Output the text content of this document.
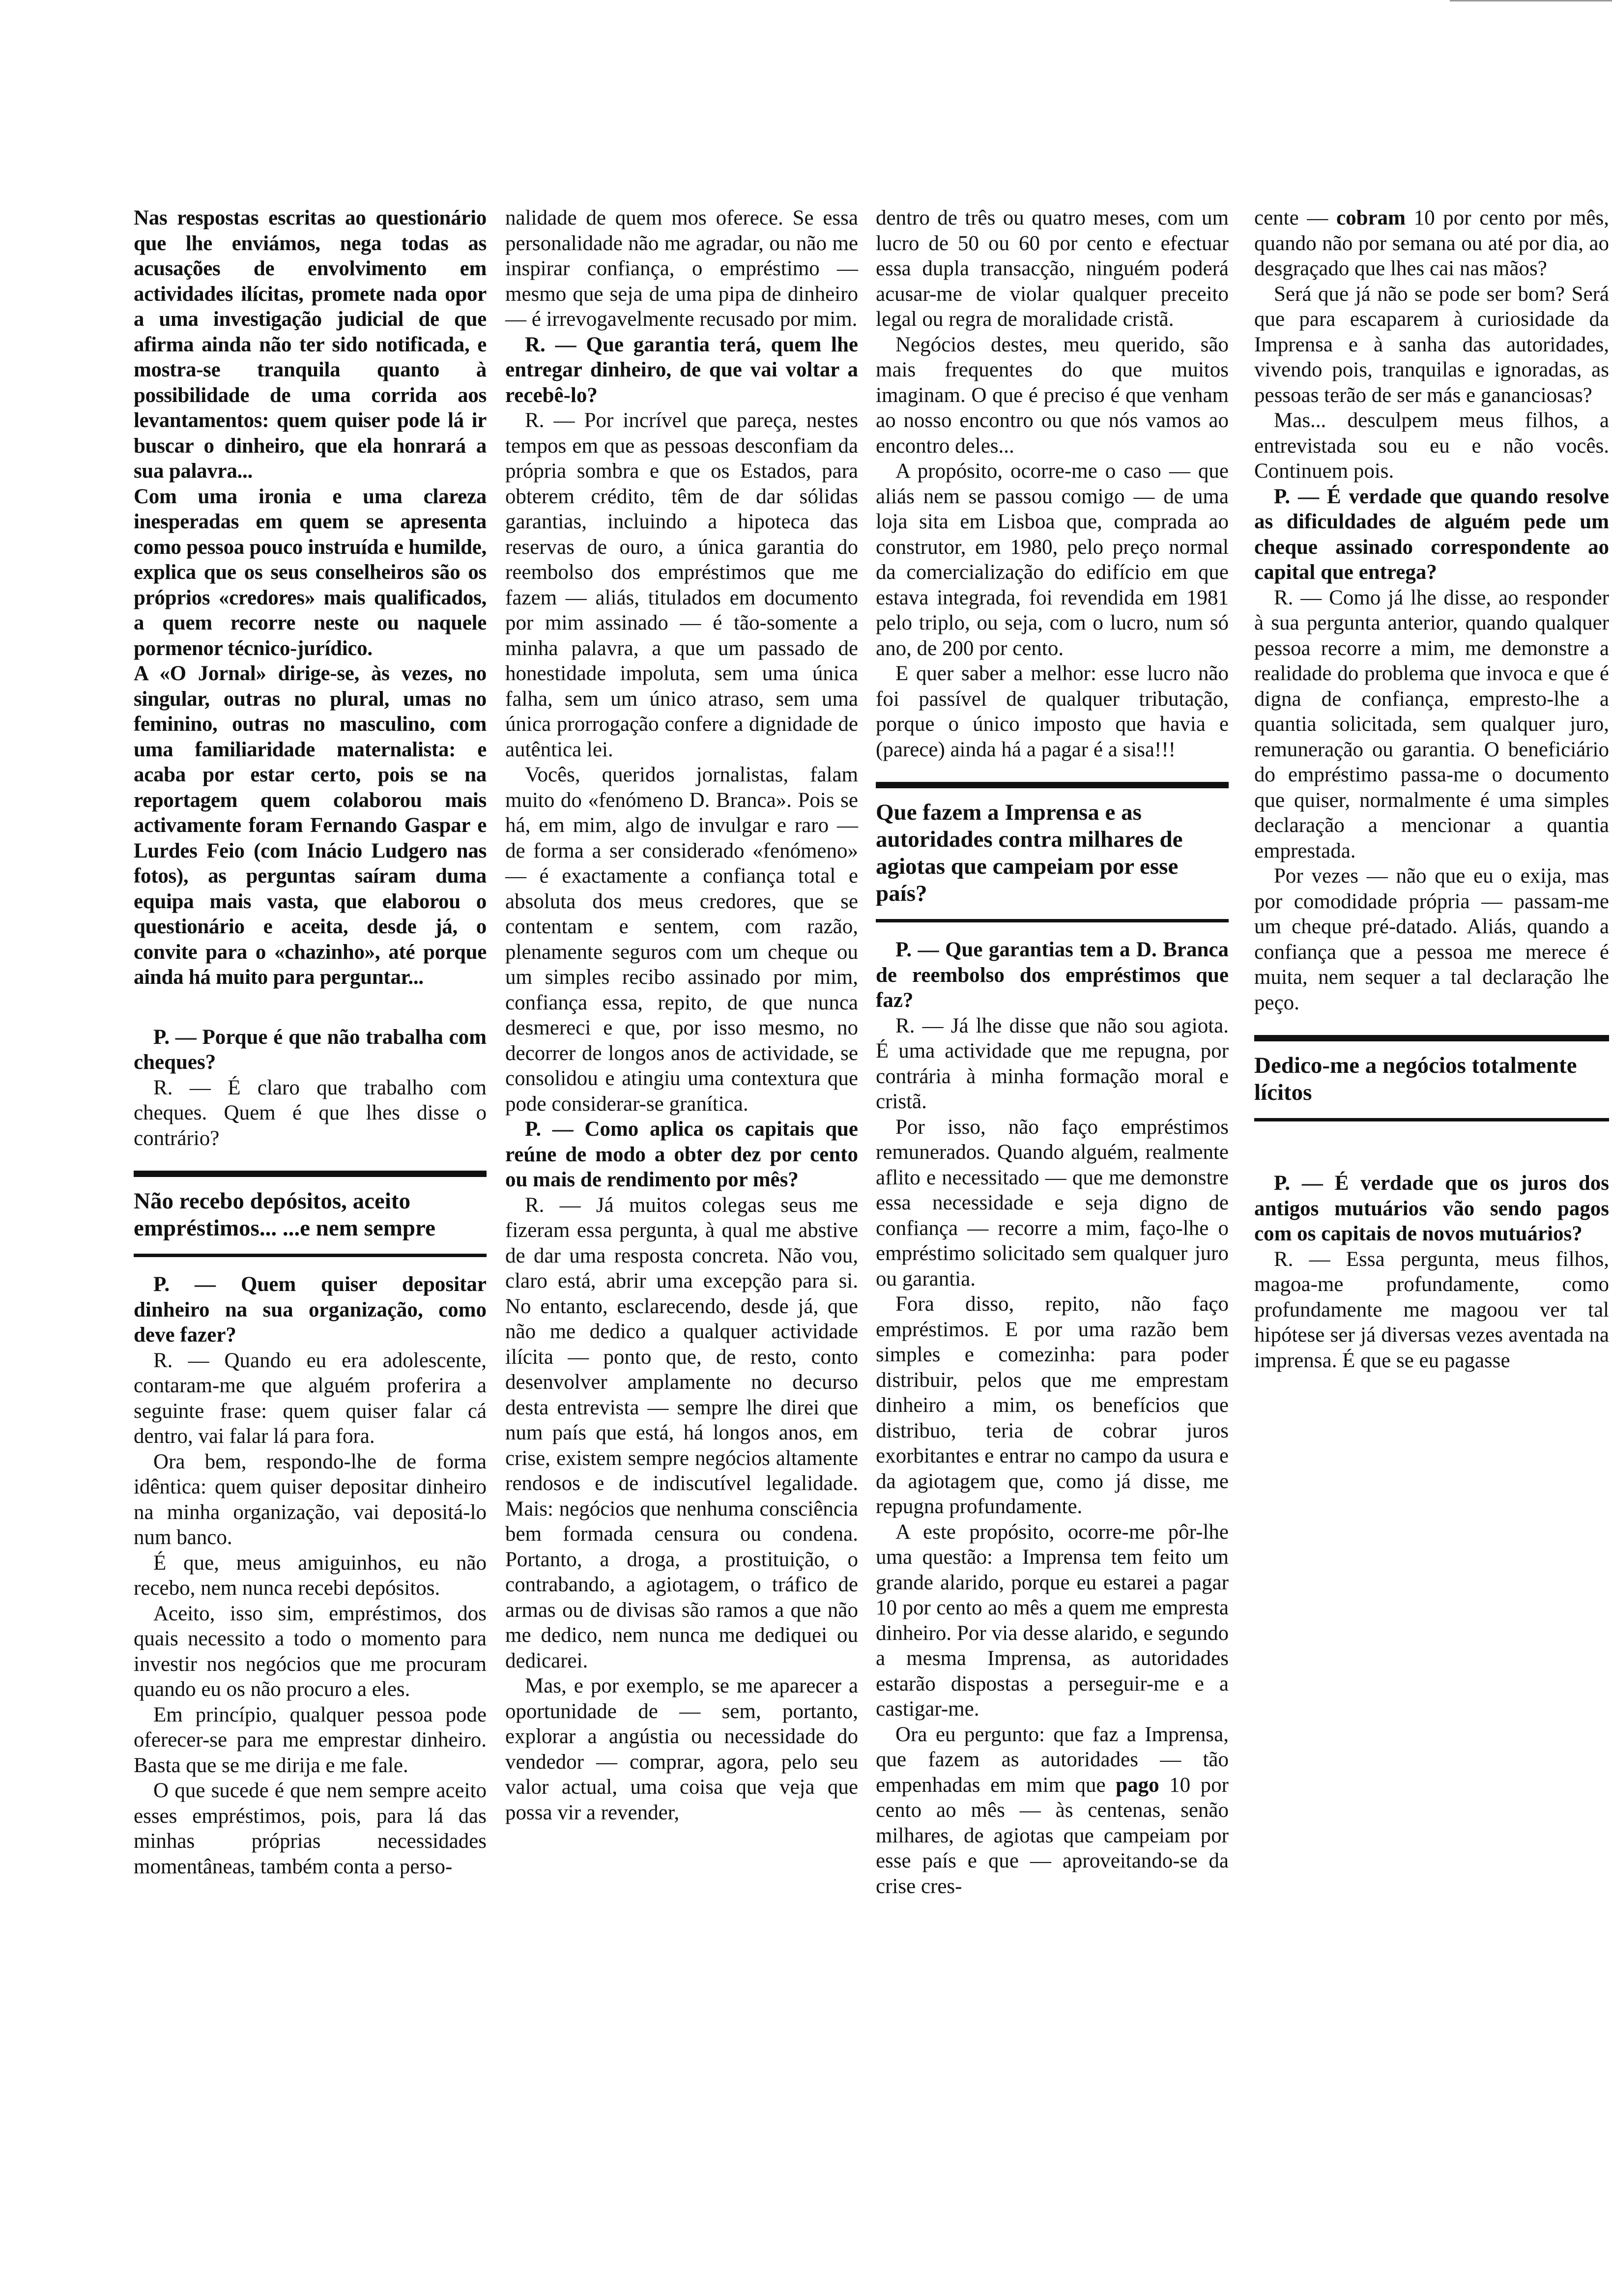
Nas respostas escritas ao questionário que lhe enviámos, nega todas as acusações de envolvimento em actividades ilícitas, promete nada opor a uma investigação judicial de que afirma ainda não ter sido notificada, e mostra-se tranquila quanto à possibilidade de uma corrida aos levantamentos: quem quiser pode lá ir buscar o dinheiro, que ela honrará a sua palavra...

Com uma ironia e uma clareza inesperadas em quem se apresenta como pessoa pouco instruída e humilde, explica que os seus conselheiros são os próprios «credores» mais qualificados, a quem recorre neste ou naquele pormenor técnico-jurídico.

A «O Jornal» dirige-se, às vezes, no singular, outras no plural, umas no feminino, outras no masculino, com uma familiaridade maternalista: e acaba por estar certo, pois se na reportagem quem colaborou mais activamente foram Fernando Gaspar e Lurdes Feio (com Inácio Ludgero nas fotos), as perguntas saíram duma equipa mais vasta, que elaborou o questionário e aceita, desde já, o convite para o «chazinho», até porque ainda há muito para perguntar...

P. — Porque é que não trabalha com cheques?

R. — É claro que trabalho com cheques. Quem é que lhes disse o contrário?

Não recebo depósitos, aceito empréstimos... ...e nem sempre

P. — Quem quiser depositar dinheiro na sua organização, como deve fazer?

R. — Quando eu era adolescente, contaram-me que alguém proferira a seguinte frase: quem quiser falar cá dentro, vai falar lá para fora.

Ora bem, respondo-lhe de forma idêntica: quem quiser depositar dinheiro na minha organização, vai depositá-lo num banco.

É que, meus amiguinhos, eu não recebo, nem nunca recebi depósitos.

Aceito, isso sim, empréstimos, dos quais necessito a todo o momento para investir nos negócios que me procuram quando eu os não procuro a eles.

Em princípio, qualquer pessoa pode oferecer-se para me emprestar dinheiro. Basta que se me dirija e me fale.

O que sucede é que nem sempre aceito esses empréstimos, pois, para lá das minhas próprias necessidades momentâneas, também conta a perso-

nalidade de quem mos oferece. Se essa personalidade não me agradar, ou não me inspirar confiança, o empréstimo — mesmo que seja de uma pipa de dinheiro — é irrevogavelmente recusado por mim.

R. — Que garantia terá, quem lhe entregar dinheiro, de que vai voltar a recebê-lo?

R. — Por incrível que pareça, nestes tempos em que as pessoas desconfiam da própria sombra e que os Estados, para obterem crédito, têm de dar sólidas garantias, incluindo a hipoteca das reservas de ouro, a única garantia do reembolso dos empréstimos que me fazem — aliás, titulados em documento por mim assinado — é tão-somente a minha palavra, a que um passado de honestidade impoluta, sem uma única falha, sem um único atraso, sem uma única prorrogação confere a dignidade de autêntica lei.

Vocês, queridos jornalistas, falam muito do «fenómeno D. Branca». Pois se há, em mim, algo de invulgar e raro — de forma a ser considerado «fenómeno» — é exactamente a confiança total e absoluta dos meus credores, que se contentam e sentem, com razão, plenamente seguros com um cheque ou um simples recibo assinado por mim, confiança essa, repito, de que nunca desmereci e que, por isso mesmo, no decorrer de longos anos de actividade, se consolidou e atingiu uma contextura que pode considerar-se granítica.

P. — Como aplica os capitais que reúne de modo a obter dez por cento ou mais de rendimento por mês?

R. — Já muitos colegas seus me fizeram essa pergunta, à qual me abstive de dar uma resposta concreta. Não vou, claro está, abrir uma excepção para si. No entanto, esclarecendo, desde já, que não me dedico a qualquer actividade ilícita — ponto que, de resto, conto desenvolver amplamente no decurso desta entrevista — sempre lhe direi que num país que está, há longos anos, em crise, existem sempre negócios altamente rendosos e de indiscutível legalidade. Mais: negócios que nenhuma consciência bem formada censura ou condena. Portanto, a droga, a prostituição, o contrabando, a agiotagem, o tráfico de armas ou de divisas são ramos a que não me dedico, nem nunca me dediquei ou dedicarei.

Mas, e por exemplo, se me aparecer a oportunidade de — sem, portanto, explorar a angústia ou necessidade do vendedor — comprar, agora, pelo seu valor actual, uma coisa que veja que possa vir a revender,

dentro de três ou quatro meses, com um lucro de 50 ou 60 por cento e efectuar essa dupla transacção, ninguém poderá acusar-me de violar qualquer preceito legal ou regra de moralidade cristã.

Negócios destes, meu querido, são mais frequentes do que muitos imaginam. O que é preciso é que venham ao nosso encontro ou que nós vamos ao encontro deles...

A propósito, ocorre-me o caso — que aliás nem se passou comigo — de uma loja sita em Lisboa que, comprada ao construtor, em 1980, pelo preço normal da comercialização do edifício em que estava integrada, foi revendida em 1981 pelo triplo, ou seja, com o lucro, num só ano, de 200 por cento.

E quer saber a melhor: esse lucro não foi passível de qualquer tributação, porque o único imposto que havia e (parece) ainda há a pagar é a sisa!!!

Que fazem a Imprensa e as autoridades contra milhares de agiotas que campeiam por esse país?

P. — Que garantias tem a D. Branca de reembolso dos empréstimos que faz?

R. — Já lhe disse que não sou agiota. É uma actividade que me repugna, por contrária à minha formação moral e cristã.

Por isso, não faço empréstimos remunerados. Quando alguém, realmente aflito e necessitado — que me demonstre essa necessidade e seja digno de confiança — recorre a mim, faço-lhe o empréstimo solicitado sem qualquer juro ou garantia.

Fora disso, repito, não faço empréstimos. E por uma razão bem simples e comezinha: para poder distribuir, pelos que me emprestam dinheiro a mim, os benefícios que distribuo, teria de cobrar juros exorbitantes e entrar no campo da usura e da agiotagem que, como já disse, me repugna profundamente.

A este propósito, ocorre-me pôr-lhe uma questão: a Imprensa tem feito um grande alarido, porque eu estarei a pagar 10 por cento ao mês a quem me empresta dinheiro. Por via desse alarido, e segundo a mesma Imprensa, as autoridades estarão dispostas a perseguir-me e a castigar-me.

Ora eu pergunto: que faz a Imprensa, que fazem as autoridades — tão empenhadas em mim que pago 10 por cento ao mês — às centenas, senão milhares, de agiotas que campeiam por esse país e que — aproveitando-se da crise cres-

cente — cobram 10 por cento por mês, quando não por semana ou até por dia, ao desgraçado que lhes cai nas mãos?

Será que já não se pode ser bom? Será que para escaparem à curiosidade da Imprensa e à sanha das autoridades, vivendo pois, tranquilas e ignoradas, as pessoas terão de ser más e gananciosas?

Mas... desculpem meus filhos, a entrevistada sou eu e não vocês. Continuem pois.

P. — É verdade que quando resolve as dificuldades de alguém pede um cheque assinado correspondente ao capital que entrega?

R. — Como já lhe disse, ao responder à sua pergunta anterior, quando qualquer pessoa recorre a mim, me demonstre a realidade do problema que invoca e que é digna de confiança, empresto-lhe a quantia solicitada, sem qualquer juro, remuneração ou garantia. O beneficiário do empréstimo passa-me o documento que quiser, normalmente é uma simples declaração a mencionar a quantia emprestada.

Por vezes — não que eu o exija, mas por comodidade própria — passam-me um cheque pré-datado. Aliás, quando a confiança que a pessoa me merece é muita, nem sequer a tal declaração lhe peço.

Dedico-me a negócios totalmente lícitos

P. — É verdade que os juros dos antigos mutuários vão sendo pagos com os capitais de novos mutuários?

R. — Essa pergunta, meus filhos, magoa-me profundamente, como profundamente me magoou ver tal hipótese ser já diversas vezes aventada na imprensa. É que se eu pagasse
